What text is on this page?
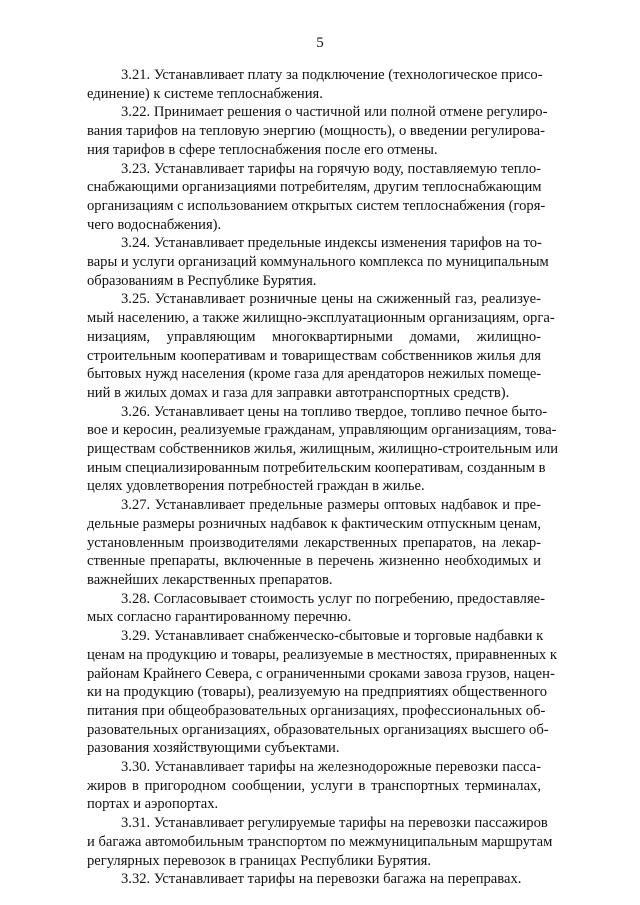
5

3.21. Устанавливает плату за подключение (технологическое присо-
единение) к системе теплоснабжения.

3.22. Принимает решения о частичной или полной отмене регулиро-
вания тарифов на тепловую энергию (мощность), о введении регулирова-
ния тарифов в сфере теплоснабжения после его отмены.

3.23. Устанавливает тарифы на горячую воду, поставляемую тепло-
снабжающими организациями потребителям, другим теплоснабжающим
организациям с использованием открытых систем теплоснабжения (горя-
чего водоснабжения).

3.24. Устанавливает предельные индексы изменения тарифов на то-
вары и услуги организаций коммунального комплекса по муниципальным
образованиям в Республике Бурятия.

3.25. Устанавливает розничные цены на сжиженный газ, реализуе-
мый населению, а также жилищно-эксплуатационным организациям, орга-
низациям, управляющим многоквартирными домами, жилищно-
строительным кооперативам и товариществам собственников жилья для
бытовых нужд населения (кроме газа для арендаторов нежилых помеще-
ний в жилых домах и газа для заправки автотранспортных средств).

3.26. Устанавливает цены на топливо твердое, топливо печное быто-
вое и керосин, реализуемые гражданам, управляющим организациям, това-
риществам собственников жилья, жилищным, жилищно-строительным или
иным специализированным потребительским кооперативам, созданным в
целях удовлетворения потребностей граждан в жилье.

3.27. Устанавливает предельные размеры оптовых надбавок и пре-
дельные размеры розничных надбавок к фактическим отпускным ценам,
установленным производителями лекарственных препаратов, на лекар-
ственные препараты, включенные в перечень жизненно необходимых и
важнейших лекарственных препаратов.

3.28. Согласовывает стоимость услуг по погребению, предоставляе-
мых согласно гарантированному перечню.

3.29. Устанавливает снабженческо-сбытовые и торговые надбавки к
ценам на продукцию и товары, реализуемые в местностях, приравненных к
районам Крайнего Севера, с ограниченными сроками завоза грузов, нацен-
ки на продукцию (товары), реализуемую на предприятиях общественного
питания при общеобразовательных организациях, профессиональных об-
разовательных организациях, образовательных организациях высшего об-
разования хозяйствующими субъектами.

3.30. Устанавливает тарифы на железнодорожные перевозки пасса-
жиров в пригородном сообщении, услуги в транспортных терминалах,
портах и аэропортах.

3.31. Устанавливает регулируемые тарифы на перевозки пассажиров
и багажа автомобильным транспортом по межмуниципальным маршрутам
регулярных перевозок в границах Республики Бурятия.

3.32. Устанавливает тарифы на перевозки багажа на переправах.
